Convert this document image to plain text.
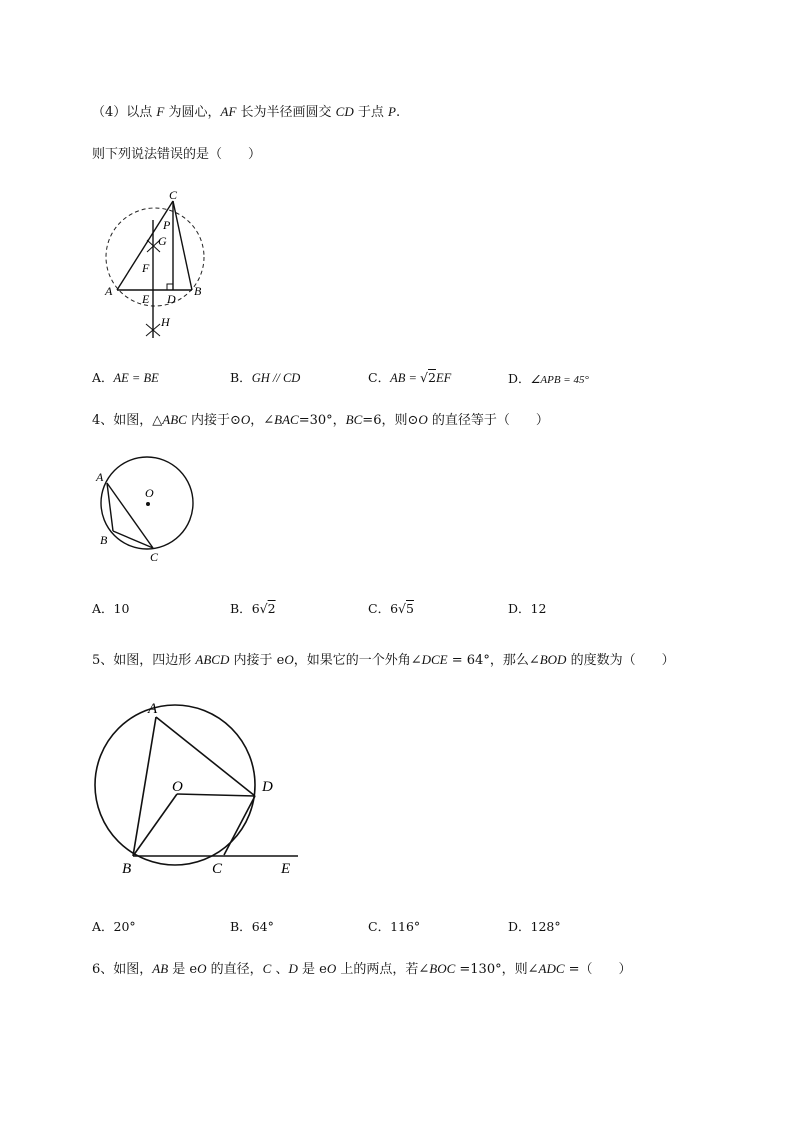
（4）以点 F 为圆心，AF 长为半径画圆交 CD 于点 P.
则下列说法错误的是（　　）
C
P
G
F
A
E D
B
H
A．AE = BE	B．GH // CD	C．AB = √2EF	D．∠APB = 45°
4、如图，△ABC 内接于⊙O，∠BAC=30°，BC=6，则⊙O 的直径等于（　　）
A
O
B
C
A．10	B．6√2	C．6√5	D．12
5、如图，四边形 ABCD 内接于 eO，如果它的一个外角∠DCE = 64°，那么∠BOD 的度数为（　　）
A
O	D
B	C	E
A．20°	B．64°	C．116°	D．128°
6、如图，AB 是 eO 的直径，C 、D 是 eO 上的两点，若∠BOC =130°，则∠ADC =（　　）
